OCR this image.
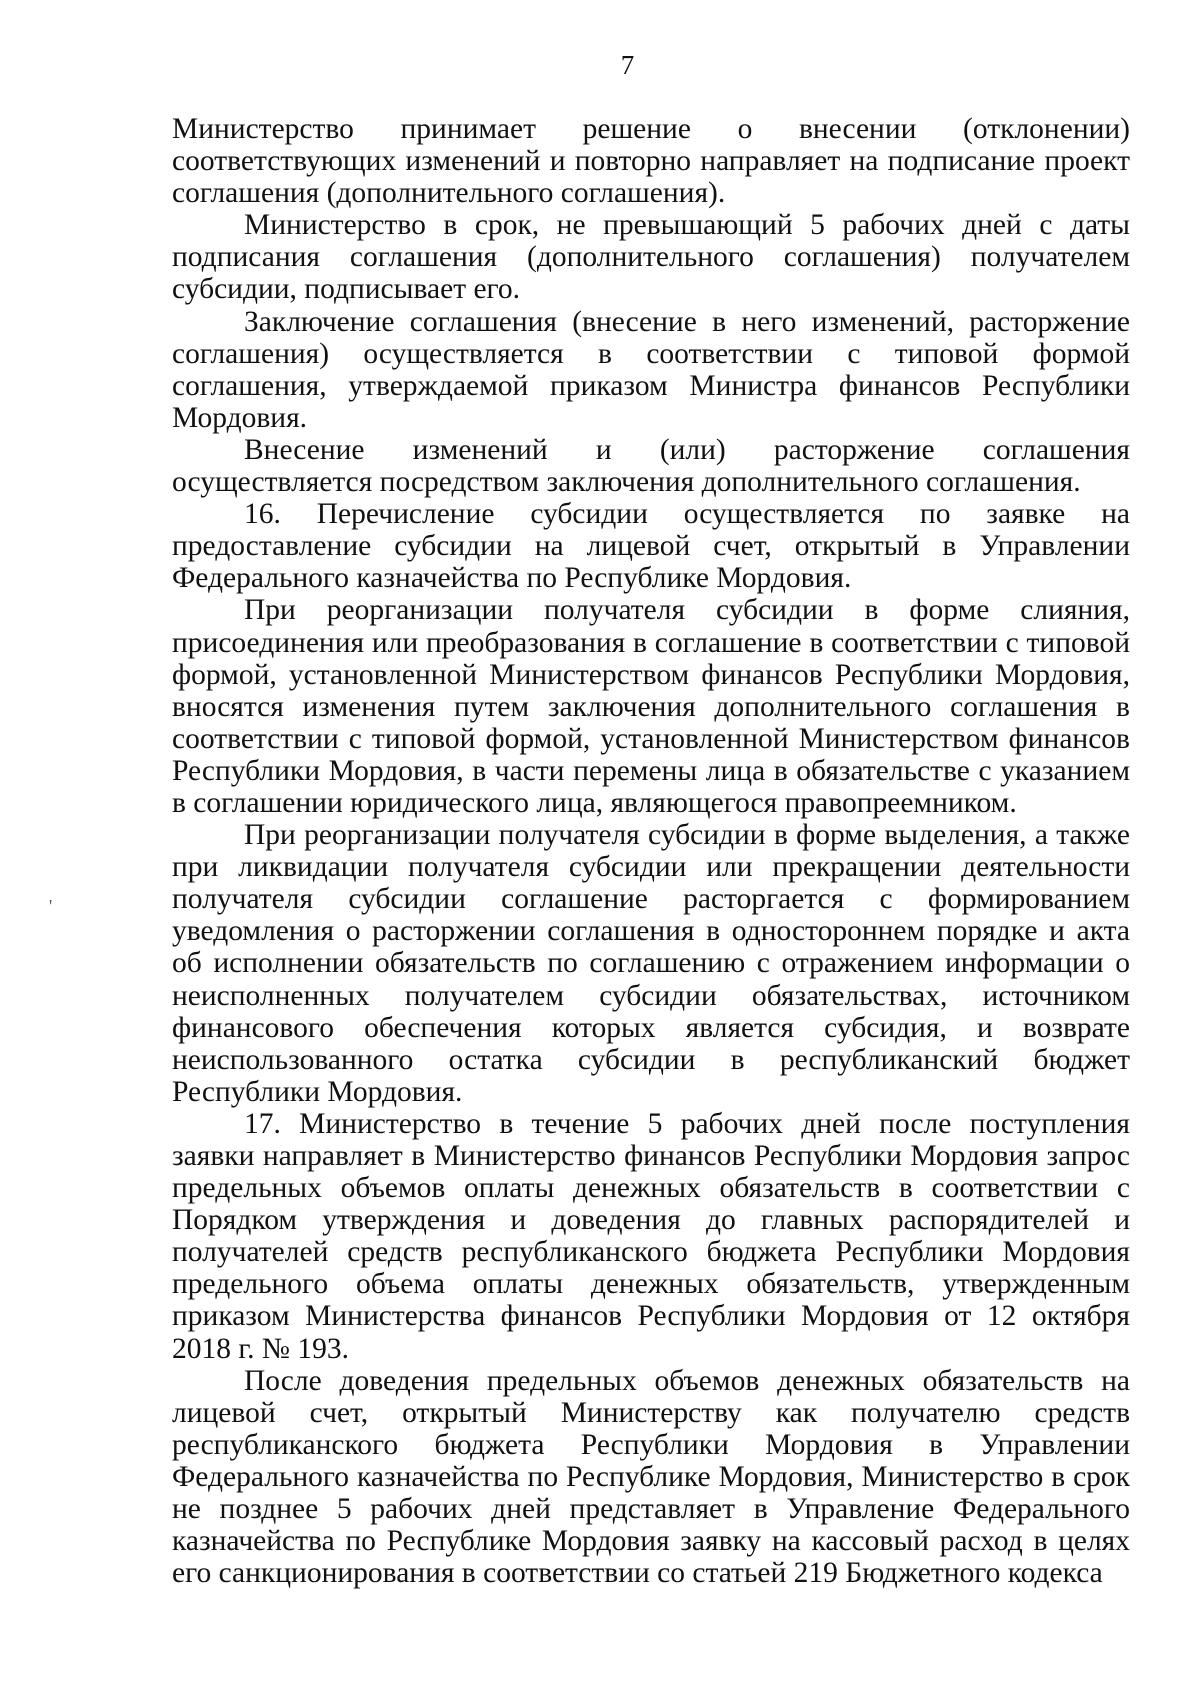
7
'

Министерство принимает решение о внесении (отклонении) соответствующих изменений и повторно направляет на подписание проект соглашения (дополнительного соглашения).

Министерство в срок, не превышающий 5 рабочих дней с даты подписания соглашения (дополнительного соглашения) получателем субсидии, подписывает его.

Заключение соглашения (внесение в него изменений, расторжение соглашения) осуществляется в соответствии с типовой формой соглашения, утверждаемой приказом Министра финансов Республики Мордовия.

Внесение изменений и (или) расторжение соглашения осуществляется посредством заключения дополнительного соглашения.

16. Перечисление субсидии осуществляется по заявке на предоставление субсидии на лицевой счет, открытый в Управлении Федерального казначейства по Республике Мордовия.

При реорганизации получателя субсидии в форме слияния, присоединения или преобразования в соглашение в соответствии с типовой формой, установленной Министерством финансов Республики Мордовия, вносятся изменения путем заключения дополнительного соглашения в соответствии с типовой формой, установленной Министерством финансов Республики Мордовия, в части перемены лица в обязательстве с указанием в соглашении юридического лица, являющегося правопреемником.

При реорганизации получателя субсидии в форме выделения, а также при ликвидации получателя субсидии или прекращении деятельности получателя субсидии соглашение расторгается с формированием уведомления о расторжении соглашения в одностороннем порядке и акта об исполнении обязательств по соглашению с отражением информации о неисполненных получателем субсидии обязательствах, источником финансового обеспечения которых является субсидия, и возврате неиспользованного остатка субсидии в республиканский бюджет Республики Мордовия.

17. Министерство в течение 5 рабочих дней после поступления заявки направляет в Министерство финансов Республики Мордовия запрос предельных объемов оплаты денежных обязательств в соответствии с Порядком утверждения и доведения до главных распорядителей и получателей средств республиканского бюджета Республики Мордовия предельного объема оплаты денежных обязательств, утвержденным приказом Министерства финансов Республики Мордовия от 12 октября 2018 г. № 193.

После доведения предельных объемов денежных обязательств на лицевой счет, открытый Министерству как получателю средств республиканского бюджета Республики Мордовия в Управлении Федерального казначейства по Республике Мордовия, Министерство в срок не позднее 5 рабочих дней представляет в Управление Федерального казначейства по Республике Мордовия заявку на кассовый расход в целях его санкционирования в соответствии со статьей 219 Бюджетного кодекса
